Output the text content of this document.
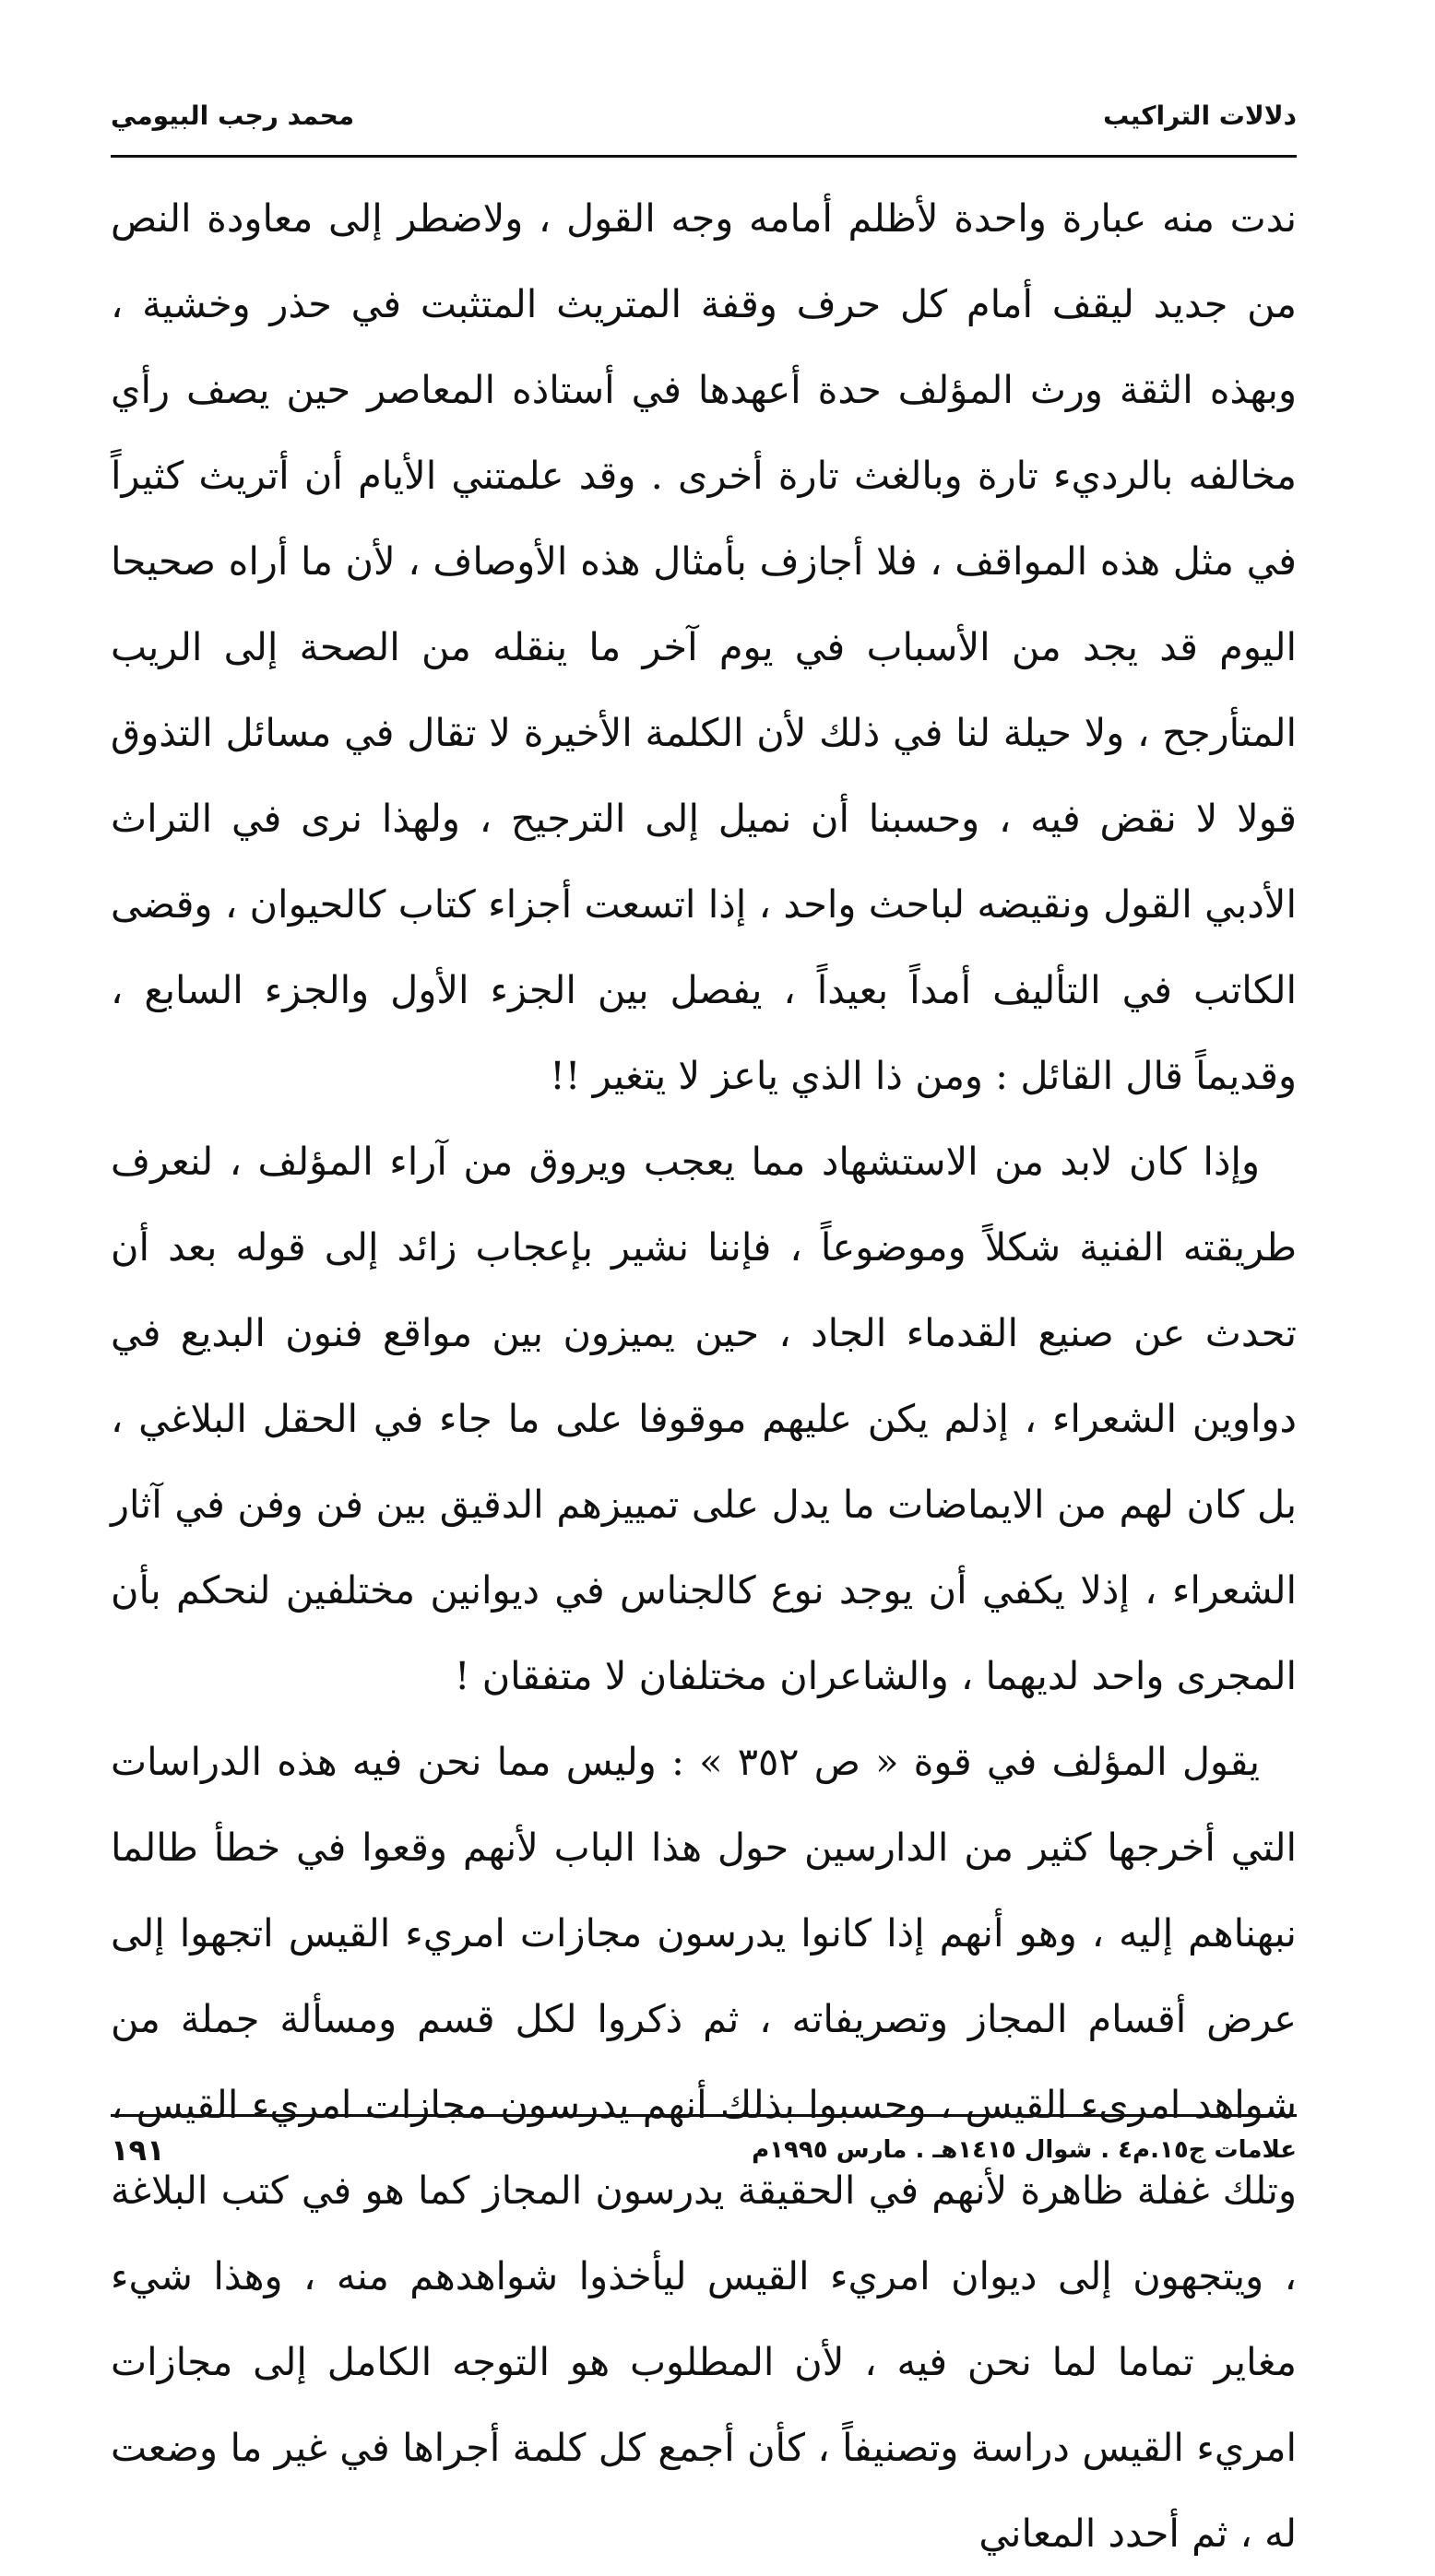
دلالات التراكيب
محمد رجب البيومي

ندت منه عبارة واحدة لأظلم أمامه وجه القول ، ولاضطر إلى معاودة النص من جديد ليقف أمام كل حرف وقفة المتريث المتثبت في حذر وخشية ، وبهذه الثقة ورث المؤلف حدة أعهدها في أستاذه المعاصر حين يصف رأي مخالفه بالرديء تارة وبالغث تارة أخرى . وقد علمتني الأيام أن أتريث كثيراً في مثل هذه المواقف ، فلا أجازف بأمثال هذه الأوصاف ، لأن ما أراه صحيحا اليوم قد يجد من الأسباب في يوم آخر ما ينقله من الصحة إلى الريب المتأرجح ، ولا حيلة لنا في ذلك لأن الكلمة الأخيرة لا تقال في مسائل التذوق قولا لا نقض فيه ، وحسبنا أن نميل إلى الترجيح ، ولهذا نرى في التراث الأدبي القول ونقيضه لباحث واحد ، إذا اتسعت أجزاء كتاب كالحيوان ، وقضى الكاتب في التأليف أمداً بعيداً ، يفصل بين الجزء الأول والجزء السابع ، وقديماً قال القائل : ومن ذا الذي ياعز لا يتغير !!

وإذا كان لابد من الاستشهاد مما يعجب ويروق من آراء المؤلف ، لنعرف طريقته الفنية شكلاً وموضوعاً ، فإننا نشير بإعجاب زائد إلى قوله بعد أن تحدث عن صنيع القدماء الجاد ، حين يميزون بين مواقع فنون البديع في دواوين الشعراء ، إذلم يكن عليهم موقوفا على ما جاء في الحقل البلاغي ، بل كان لهم من الايماضات ما يدل على تمييزهم الدقيق بين فن وفن في آثار الشعراء ، إذلا يكفي أن يوجد نوع كالجناس في ديوانين مختلفين لنحكم بأن المجرى واحد لديهما ، والشاعران مختلفان لا متفقان !

يقول المؤلف في قوة « ص ٣٥٢ » : وليس مما نحن فيه هذه الدراسات التي أخرجها كثير من الدارسين حول هذا الباب لأنهم وقعوا في خطأ طالما نبهناهم إليه ، وهو أنهم إذا كانوا يدرسون مجازات امريء القيس اتجهوا إلى عرض أقسام المجاز وتصريفاته ، ثم ذكروا لكل قسم ومسألة جملة من شواهد امرىء القيس ، وحسبوا بذلك أنهم يدرسون مجازات امريء القيس ، وتلك غفلة ظاهرة لأنهم في الحقيقة يدرسون المجاز كما هو في كتب البلاغة ، ويتجهون إلى ديوان امريء القيس ليأخذوا شواهدهم منه ، وهذا شيء مغاير تماما لما نحن فيه ، لأن المطلوب هو التوجه الكامل إلى مجازات امريء القيس دراسة وتصنيفاً ، كأن أجمع كل كلمة أجراها في غير ما وضعت له ، ثم أحدد المعاني

علامات ج١٥.م٤ . شوال ١٤١٥هـ . مارس ١٩٩٥م
١٩١
